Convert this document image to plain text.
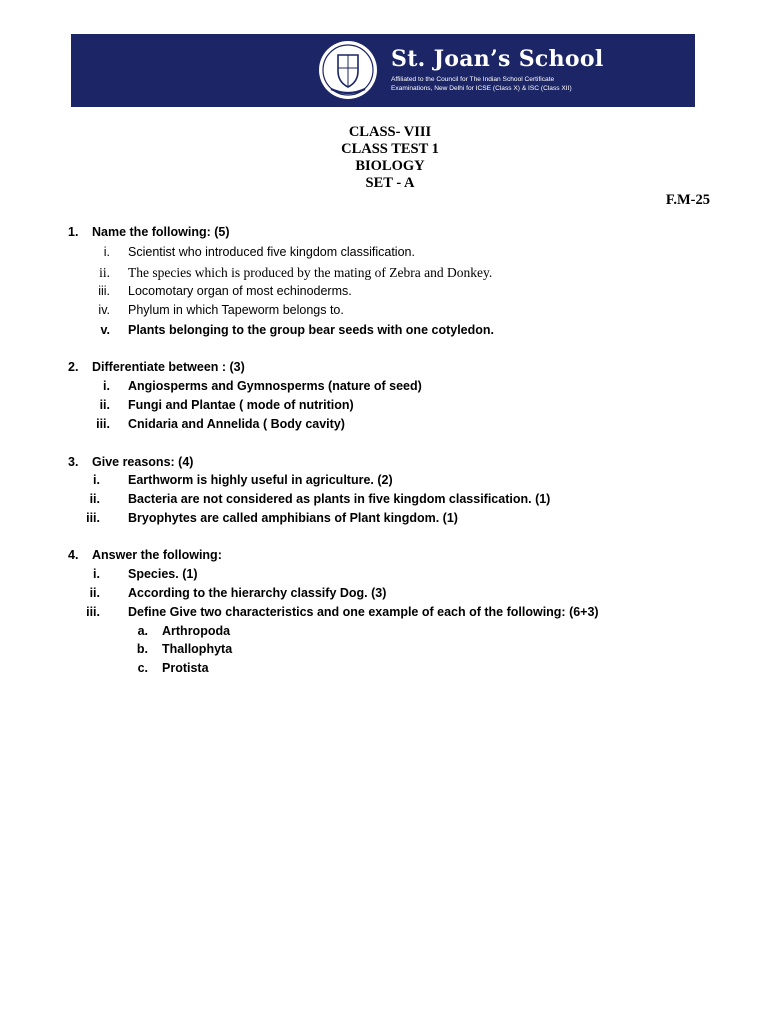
St. Joan’s School
Affiliated to the Council for The Indian School Certificate
Examinations, New Delhi for ICSE (Class X) & ISC (Class XII)
CLASS- VIII
CLASS TEST 1
BIOLOGY
SET - A
F.M-25
1. Name the following: (5)
i. Scientist who introduced five kingdom classification.
ii. The species which is produced by the mating of Zebra and Donkey.
iii. Locomotary organ of most echinoderms.
iv. Phylum in which Tapeworm belongs to.
v. Plants belonging to the group bear seeds with one cotyledon.
2. Differentiate between : (3)
i. Angiosperms and Gymnosperms (nature of seed)
ii. Fungi and Plantae ( mode of nutrition)
iii. Cnidaria and Annelida ( Body cavity)
3. Give reasons: (4)
i. Earthworm is highly useful in agriculture. (2)
ii. Bacteria are not considered as plants in five kingdom classification. (1)
iii. Bryophytes are called amphibians of Plant kingdom. (1)
4. Answer the following:
i. Species. (1)
ii. According to the hierarchy classify Dog. (3)
iii. Define Give two characteristics and one example of each of the following: (6+3)
a. Arthropoda
b. Thallophyta
c. Protista
